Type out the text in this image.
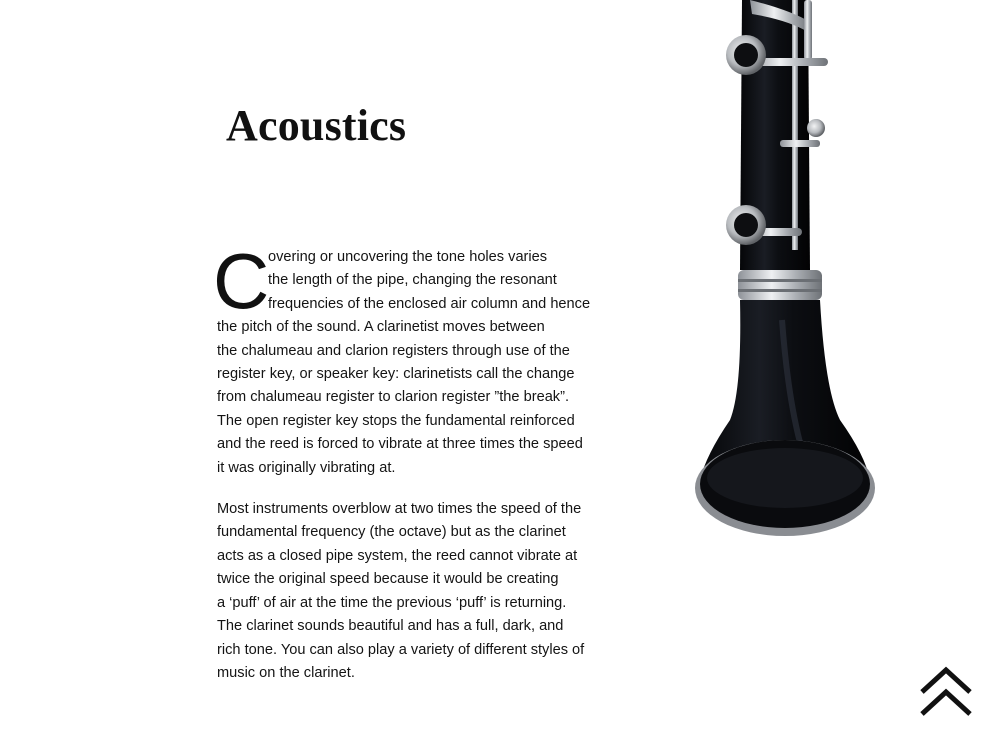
Acoustics
C
overing or uncovering the tone holes varies
the length of the pipe, changing the resonant
frequencies of the enclosed air column and hence
the pitch of the sound. A clarinetist moves between
the chalumeau and clarion registers through use of the
register key, or speaker key: clarinetists call the change
from chalumeau register to clarion register ”the break”.
The open register key stops the fundamental reinforced
and the reed is forced to vibrate at three times the speed
it was originally vibrating at.
Most instruments overblow at two times the speed of the
fundamental frequency (the octave) but as the clarinet
acts as a closed pipe system, the reed cannot vibrate at
twice the original speed because it would be creating
a ‘puff’ of air at the time the previous ‘puff’ is returning.
The clarinet sounds beautiful and has a full, dark, and
rich tone. You can also play a variety of different styles of
music on the clarinet.
